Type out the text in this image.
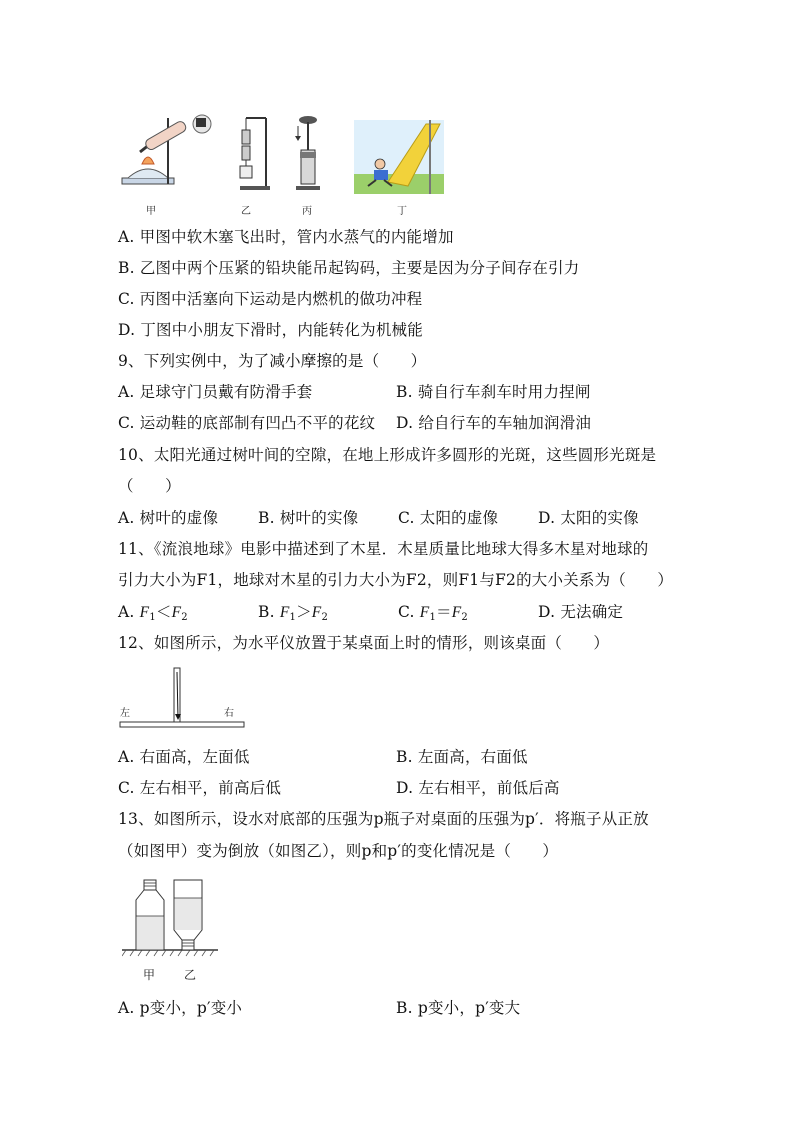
甲	乙	丙	丁
A. 甲图中软木塞飞出时，管内水蒸气的内能增加
B. 乙图中两个压紧的铅块能吊起钩码，主要是因为分子间存在引力
C. 丙图中活塞向下运动是内燃机的做功冲程
D. 丁图中小朋友下滑时，内能转化为机械能
9、下列实例中，为了减小摩擦的是（　　）
A. 足球守门员戴有防滑手套	B. 骑自行车刹车时用力捏闸
C. 运动鞋的底部制有凹凸不平的花纹 D. 给自行车的车轴加润滑油
10、太阳光通过树叶间的空隙，在地上形成许多圆形的光斑，这些圆形光斑是
（　　）
A. 树叶的虚像	B. 树叶的实像	C. 太阳的虚像	D. 太阳的实像
11、《流浪地球》电影中描述到了木星．木星质量比地球大得多木星对地球的
引力大小为F1，地球对木星的引力大小为F2，则F1与F2的大小关系为（　　）
A. $F_1<F_2$	B. $F_1>F_2$	C. $F_1=F_2$	D. 无法确定
12、如图所示，为水平仪放置于某桌面上时的情形，则该桌面（　　）
左	右
A. 右面高，左面低	B. 左面高，右面低
C. 左右相平，前高后低	D. 左右相平，前低后高
13、如图所示，设水对底部的压强为p瓶子对桌面的压强为p′．将瓶子从正放
（如图甲）变为倒放（如图乙），则p和p′的变化情况是（　　）
甲 乙
A. p变小，p′变小	B. p变小，p′变大
